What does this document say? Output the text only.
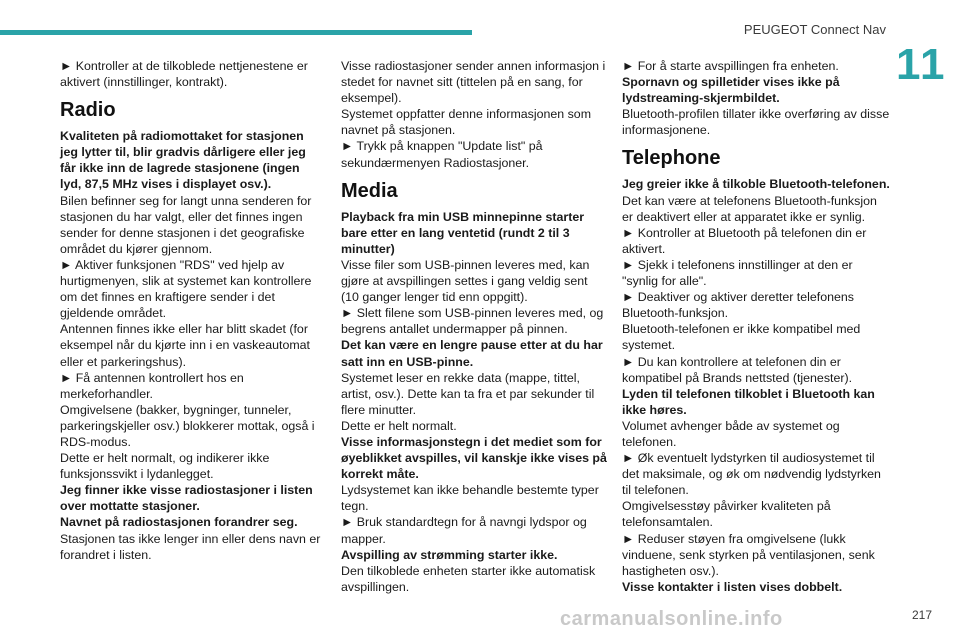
PEUGEOT Connect Nav
11

► Kontroller at de tilkoblede nettjenestene er aktivert (innstillinger, kontrakt).

Radio

Kvaliteten på radiomottaket for stasjonen jeg lytter til, blir gradvis dårligere eller jeg får ikke inn de lagrede stasjonene (ingen lyd, 87,5 MHz vises i displayet osv.).

Bilen befinner seg for langt unna senderen for stasjonen du har valgt, eller det finnes ingen sender for denne stasjonen i det geografiske området du kjører gjennom.

► Aktiver funksjonen "RDS" ved hjelp av hurtigmenyen, slik at systemet kan kontrollere om det finnes en kraftigere sender i det gjeldende området.

Antennen finnes ikke eller har blitt skadet (for eksempel når du kjørte inn i en vaskeautomat eller et parkeringshus).

► Få antennen kontrollert hos en merkeforhandler.

Omgivelsene (bakker, bygninger, tunneler, parkeringskjeller osv.) blokkerer mottak, også i RDS-modus.

Dette er helt normalt, og indikerer ikke funksjonssvikt i lydanlegget.

Jeg finner ikke visse radiostasjoner i listen over mottatte stasjoner.

Navnet på radiostasjonen forandrer seg.

Stasjonen tas ikke lenger inn eller dens navn er forandret i listen.

Visse radiostasjoner sender annen informasjon i stedet for navnet sitt (tittelen på en sang, for eksempel).

Systemet oppfatter denne informasjonen som navnet på stasjonen.

► Trykk på knappen "Update list" på sekundærmenyen Radiostasjoner.

Media

Playback fra min USB minnepinne starter bare etter en lang ventetid (rundt 2 til 3 minutter)

Visse filer som USB-pinnen leveres med, kan gjøre at avspillingen settes i gang veldig sent (10 ganger lenger tid enn oppgitt).

► Slett filene som USB-pinnen leveres med, og begrens antallet undermapper på pinnen.

Det kan være en lengre pause etter at du har satt inn en USB-pinne.

Systemet leser en rekke data (mappe, tittel, artist, osv.). Dette kan ta fra et par sekunder til flere minutter.

Dette er helt normalt.

Visse informasjonstegn i det mediet som for øyeblikket avspilles, vil kanskje ikke vises på korrekt måte.

Lydsystemet kan ikke behandle bestemte typer tegn.

► Bruk standardtegn for å navngi lydspor og mapper.

Avspilling av strømming starter ikke.

Den tilkoblede enheten starter ikke automatisk avspillingen.

► For å starte avspillingen fra enheten.

Spornavn og spilletider vises ikke på lydstreaming-skjermbildet.

Bluetooth-profilen tillater ikke overføring av disse informasjonene.

Telephone

Jeg greier ikke å tilkoble Bluetooth-telefonen.

Det kan være at telefonens Bluetooth-funksjon er deaktivert eller at apparatet ikke er synlig.

► Kontroller at Bluetooth på telefonen din er aktivert.

► Sjekk i telefonens innstillinger at den er "synlig for alle".

► Deaktiver og aktiver deretter telefonens Bluetooth-funksjon.

Bluetooth-telefonen er ikke kompatibel med systemet.

► Du kan kontrollere at telefonen din er kompatibel på Brands nettsted (tjenester).

Lyden til telefonen tilkoblet i Bluetooth kan ikke høres.

Volumet avhenger både av systemet og telefonen.

► Øk eventuelt lydstyrken til audiosystemet til det maksimale, og øk om nødvendig lydstyrken til telefonen.

Omgivelsesstøy påvirker kvaliteten på telefonsamtalen.

► Reduser støyen fra omgivelsene (lukk vinduene, senk styrken på ventilasjonen, senk hastigheten osv.).

Visse kontakter i listen vises dobbelt.

carmanualsonline.info	217
